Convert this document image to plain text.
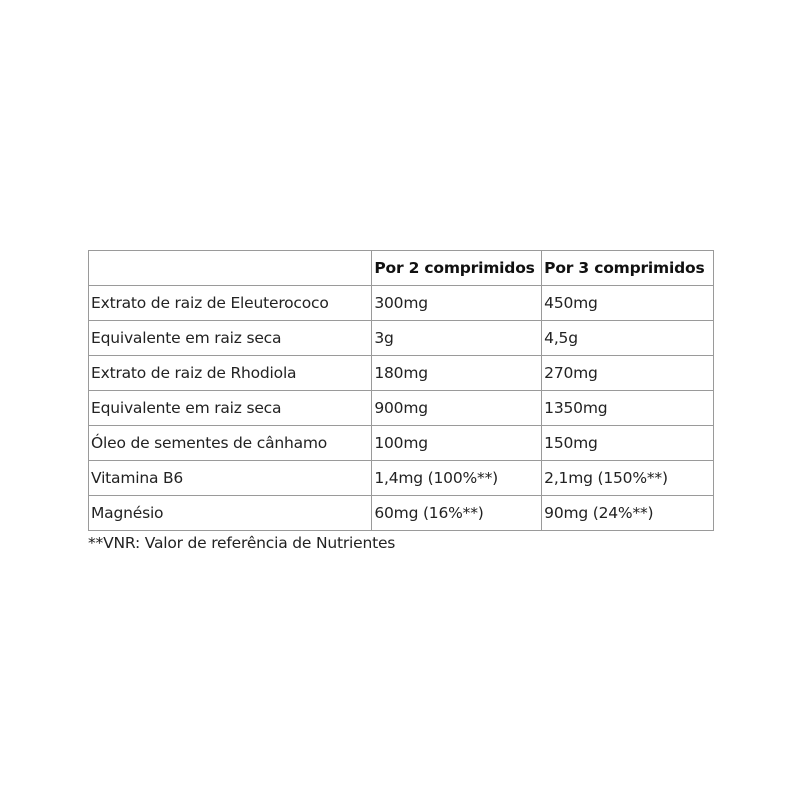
	Por 2 comprimidos	Por 3 comprimidos
Extrato de raiz de Eleuterococo	300mg	450mg
Equivalente em raiz seca	3g	4,5g
Extrato de raiz de Rhodiola	180mg	270mg
Equivalente em raiz seca	900mg	1350mg
Óleo de sementes de cânhamo	100mg	150mg
Vitamina B6	1,4mg (100%**)	2,1mg (150%**)
Magnésio	60mg (16%**)	90mg (24%**)
**VNR: Valor de referência de Nutrientes
